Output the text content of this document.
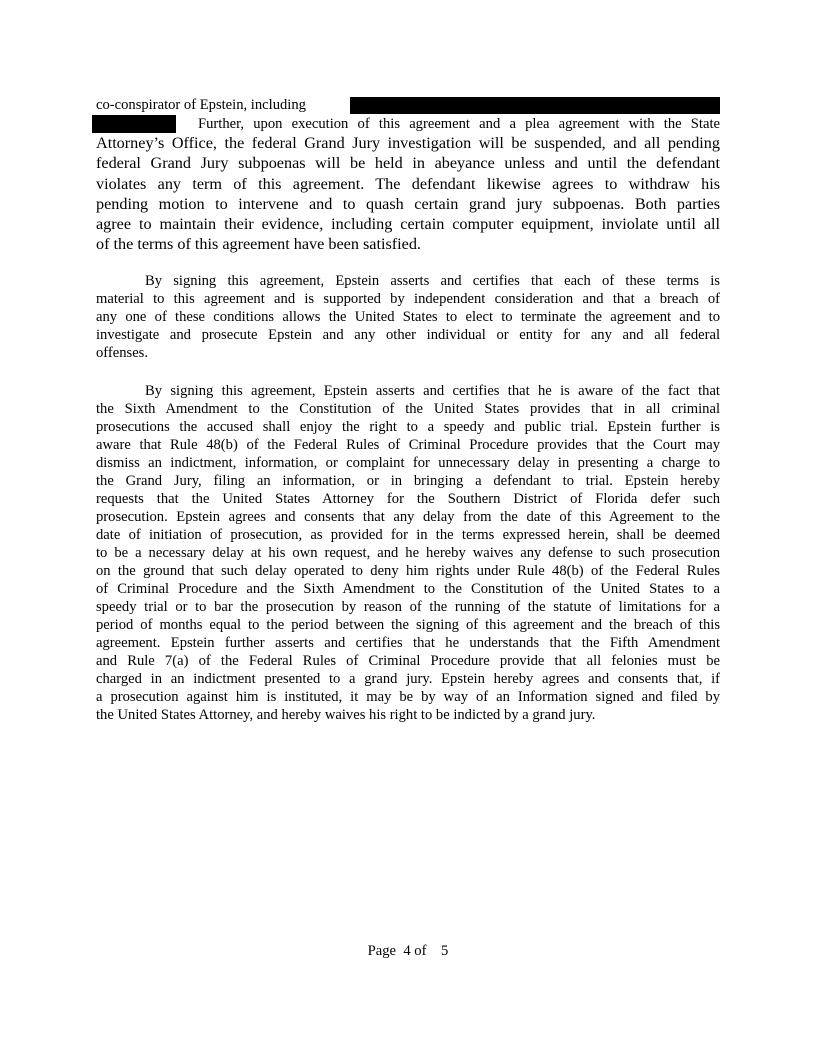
co-conspirator of Epstein, including
Further, upon execution of this agreement and a plea agreement with the State
Attorney’s Office, the federal Grand Jury investigation will be suspended, and all pending
federal Grand Jury subpoenas will be held in abeyance unless and until the defendant
violates any term of this agreement. The defendant likewise agrees to withdraw his
pending motion to intervene and to quash certain grand jury subpoenas. Both parties
agree to maintain their evidence, including certain computer equipment, inviolate until all
of the terms of this agreement have been satisfied.
By signing this agreement, Epstein asserts and certifies that each of these terms is
material to this agreement and is supported by independent consideration and that a breach of
any one of these conditions allows the United States to elect to terminate the agreement and to
investigate and prosecute Epstein and any other individual or entity for any and all federal
offenses.
By signing this agreement, Epstein asserts and certifies that he is aware of the fact that
the Sixth Amendment to the Constitution of the United States provides that in all criminal
prosecutions the accused shall enjoy the right to a speedy and public trial. Epstein further is
aware that Rule 48(b) of the Federal Rules of Criminal Procedure provides that the Court may
dismiss an indictment, information, or complaint for unnecessary delay in presenting a charge to
the Grand Jury, filing an information, or in bringing a defendant to trial. Epstein hereby
requests that the United States Attorney for the Southern District of Florida defer such
prosecution. Epstein agrees and consents that any delay from the date of this Agreement to the
date of initiation of prosecution, as provided for in the terms expressed herein, shall be deemed
to be a necessary delay at his own request, and he hereby waives any defense to such prosecution
on the ground that such delay operated to deny him rights under Rule 48(b) of the Federal Rules
of Criminal Procedure and the Sixth Amendment to the Constitution of the United States to a
speedy trial or to bar the prosecution by reason of the running of the statute of limitations for a
period of months equal to the period between the signing of this agreement and the breach of this
agreement. Epstein further asserts and certifies that he understands that the Fifth Amendment
and Rule 7(a) of the Federal Rules of Criminal Procedure provide that all felonies must be
charged in an indictment presented to a grand jury. Epstein hereby agrees and consents that, if
a prosecution against him is instituted, it may be by way of an Information signed and filed by
the United States Attorney, and hereby waives his right to be indicted by a grand jury.
Page  4 of    5
